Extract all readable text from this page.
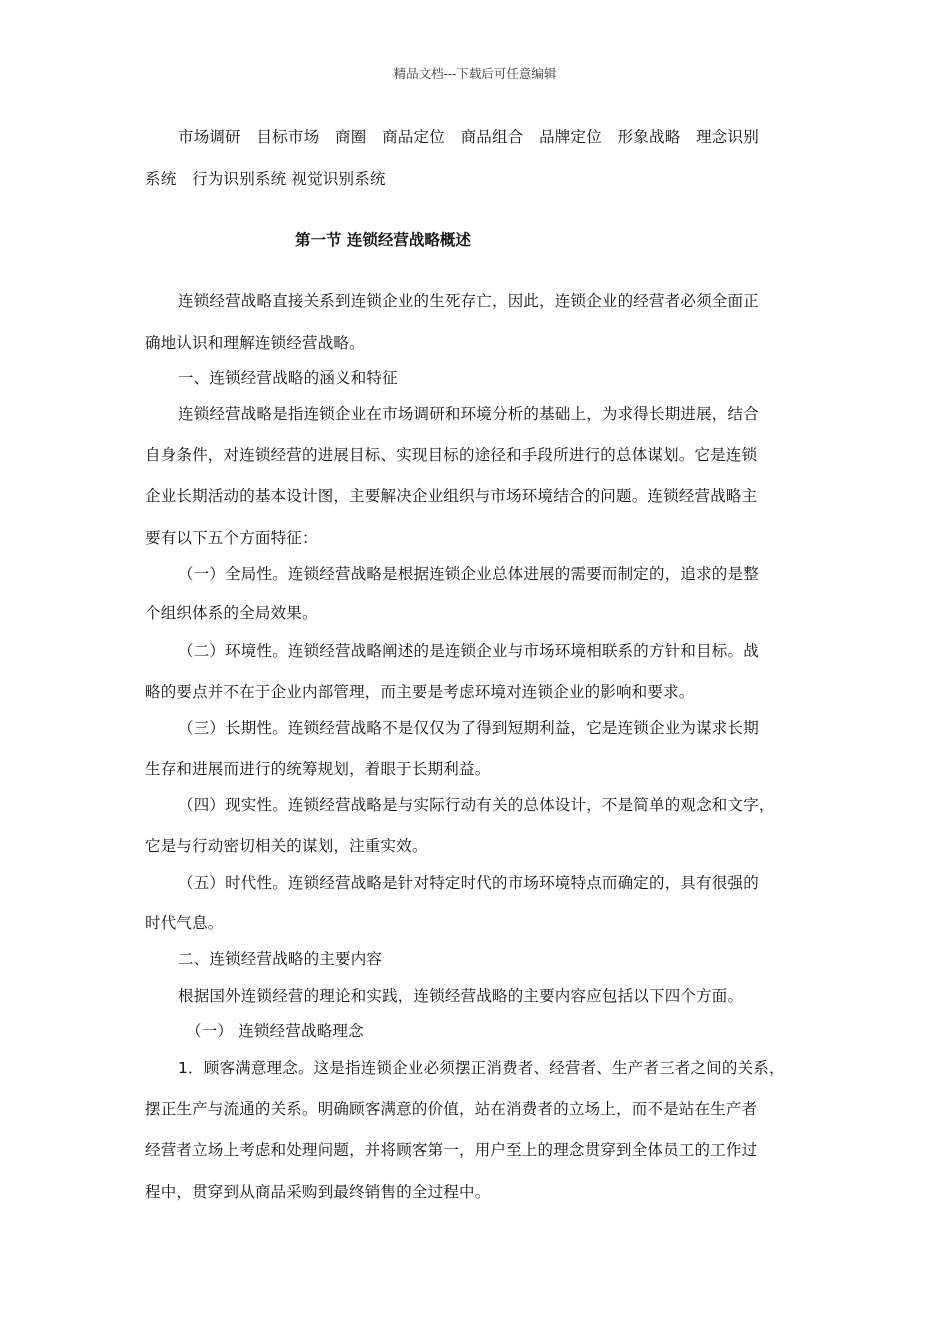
精品文档---下载后可任意编辑
市场调研　目标市场　商圈　商品定位　商品组合　品牌定位　形象战略　理念识别
系统　行为识别系统 视觉识别系统
第一节 连锁经营战略概述
连锁经营战略直接关系到连锁企业的生死存亡，因此，连锁企业的经营者必须全面正
确地认识和理解连锁经营战略。
一、连锁经营战略的涵义和特征
连锁经营战略是指连锁企业在市场调研和环境分析的基础上，为求得长期进展，结合
自身条件，对连锁经营的进展目标、实现目标的途径和手段所进行的总体谋划。它是连锁
企业长期活动的基本设计图，主要解决企业组织与市场环境结合的问题。连锁经营战略主
要有以下五个方面特征：
（一）全局性。连锁经营战略是根据连锁企业总体进展的需要而制定的，追求的是整
个组织体系的全局效果。
（二）环境性。连锁经营战略阐述的是连锁企业与市场环境相联系的方针和目标。战
略的要点并不在于企业内部管理，而主要是考虑环境对连锁企业的影响和要求。
（三）长期性。连锁经营战略不是仅仅为了得到短期利益，它是连锁企业为谋求长期
生存和进展而进行的统筹规划，着眼于长期利益。
（四）现实性。连锁经营战略是与实际行动有关的总体设计，不是简单的观念和文字，
它是与行动密切相关的谋划，注重实效。
（五）时代性。连锁经营战略是针对特定时代的市场环境特点而确定的，具有很强的
时代气息。
二、连锁经营战略的主要内容
根据国外连锁经营的理论和实践，连锁经营战略的主要内容应包括以下四个方面。
（一） 连锁经营战略理念
1．顾客满意理念。这是指连锁企业必须摆正消费者、经营者、生产者三者之间的关系，
摆正生产与流通的关系。明确顾客满意的价值，站在消费者的立场上，而不是站在生产者
经营者立场上考虑和处理问题，并将顾客第一，用户至上的理念贯穿到全体员工的工作过
程中，贯穿到从商品采购到最终销售的全过程中。
